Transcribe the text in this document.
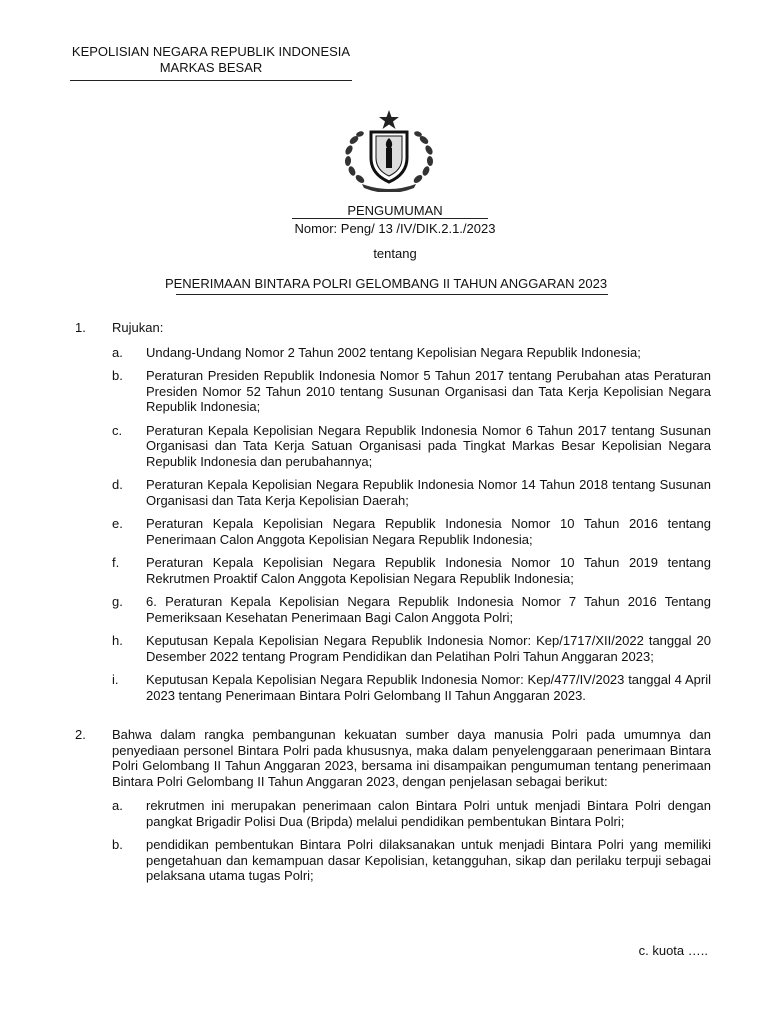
KEPOLISIAN NEGARA REPUBLIK INDONESIA
MARKAS BESAR
PENGUMUMAN
Nomor: Peng/ 13 /IV/DIK.2.1./2023
tentang
PENERIMAAN BINTARA POLRI GELOMBANG II TAHUN ANGGARAN 2023
1.	Rujukan:
a.	Undang-Undang Nomor 2 Tahun 2002 tentang Kepolisian Negara Republik Indonesia;
b.	Peraturan Presiden Republik Indonesia Nomor 5 Tahun 2017 tentang Perubahan atas Peraturan Presiden Nomor 52 Tahun 2010 tentang Susunan Organisasi dan Tata Kerja Kepolisian Negara Republik Indonesia;
c.	Peraturan Kepala Kepolisian Negara Republik Indonesia Nomor 6 Tahun 2017 tentang Susunan Organisasi dan Tata Kerja Satuan Organisasi pada Tingkat Markas Besar Kepolisian Negara Republik Indonesia dan perubahannya;
d.	Peraturan Kepala Kepolisian Negara Republik Indonesia Nomor 14 Tahun 2018 tentang Susunan Organisasi dan Tata Kerja Kepolisian Daerah;
e.	Peraturan Kepala Kepolisian Negara Republik Indonesia Nomor 10 Tahun 2016 tentang Penerimaan Calon Anggota Kepolisian Negara Republik Indonesia;
f.	Peraturan Kepala Kepolisian Negara Republik Indonesia Nomor 10 Tahun 2019 tentang Rekrutmen Proaktif Calon Anggota Kepolisian Negara Republik Indonesia;
g.	6. Peraturan Kepala Kepolisian Negara Republik Indonesia Nomor 7 Tahun 2016 Tentang Pemeriksaan Kesehatan Penerimaan Bagi Calon Anggota Polri;
h.	Keputusan Kepala Kepolisian Negara Republik Indonesia Nomor: Kep/1717/XII/2022 tanggal 20 Desember 2022 tentang Program Pendidikan dan Pelatihan Polri Tahun Anggaran 2023;
i.	Keputusan Kepala Kepolisian Negara Republik Indonesia Nomor: Kep/477/IV/2023 tanggal 4 April 2023 tentang Penerimaan Bintara Polri Gelombang II Tahun Anggaran 2023.
2.	Bahwa dalam rangka pembangunan kekuatan sumber daya manusia Polri pada umumnya dan penyediaan personel Bintara Polri pada khususnya, maka dalam penyelenggaraan penerimaan Bintara Polri Gelombang II Tahun Anggaran 2023, bersama ini disampaikan pengumuman tentang penerimaan Bintara Polri Gelombang II Tahun Anggaran 2023, dengan penjelasan sebagai berikut:
a.	rekrutmen ini merupakan penerimaan calon Bintara Polri untuk menjadi Bintara Polri dengan pangkat Brigadir Polisi Dua (Bripda) melalui pendidikan pembentukan Bintara Polri;
b.	pendidikan pembentukan Bintara Polri dilaksanakan untuk menjadi Bintara Polri yang memiliki pengetahuan dan kemampuan dasar Kepolisian, ketangguhan, sikap dan perilaku terpuji sebagai pelaksana utama tugas Polri;
c. kuota …..
